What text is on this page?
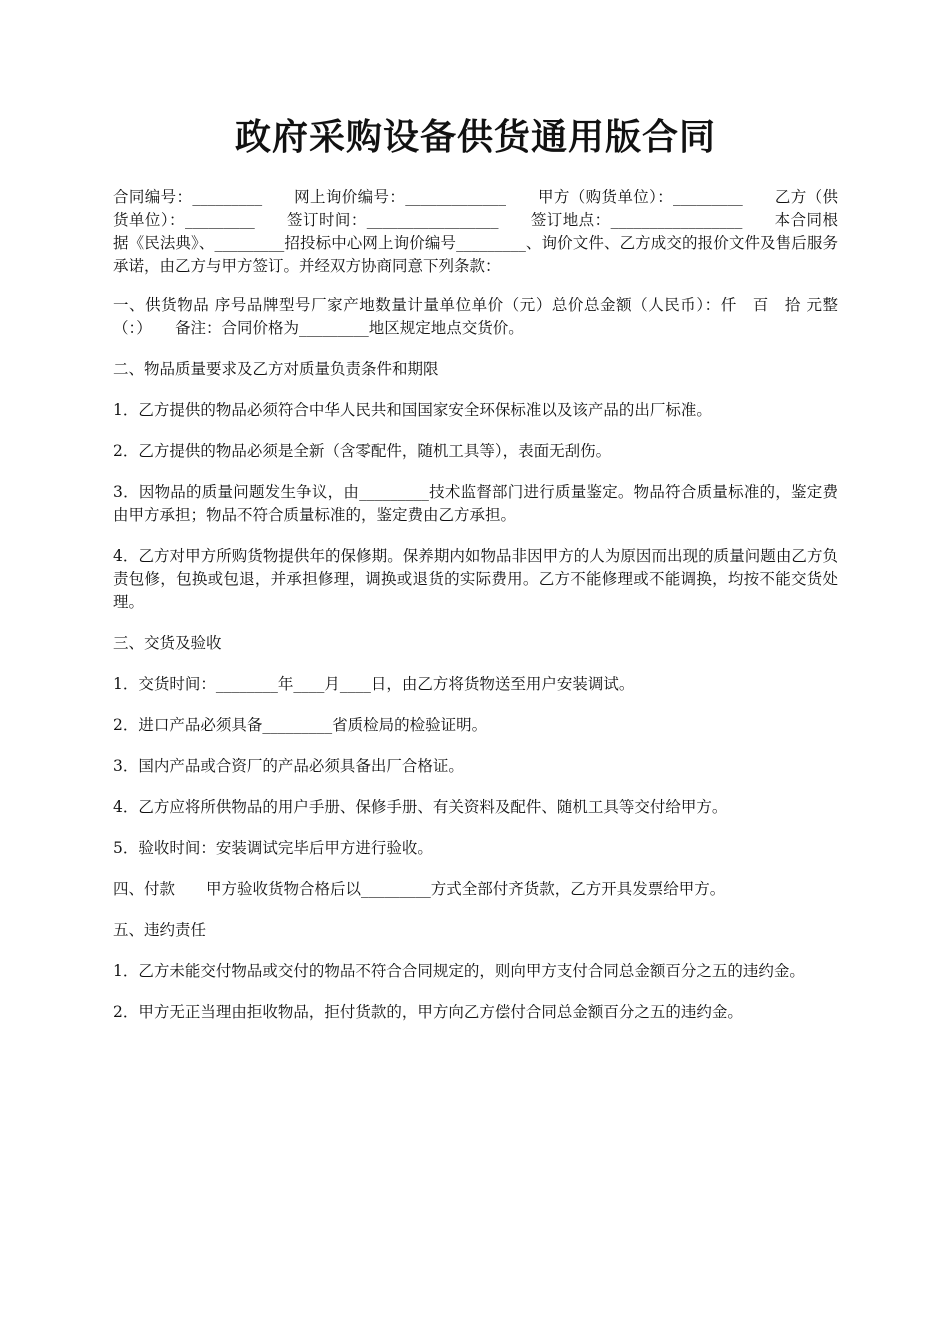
政府采购设备供货通用版合同

合同编号：_________　　网上询价编号：_____________　　甲方（购货单位）：_________　　乙方（供货单位）：_________　　签订时间：_________________　　签订地点：_________________　　本合同根据《民法典》、_________招投标中心网上询价编号_________、询价文件、乙方成交的报价文件及售后服务承诺，由乙方与甲方签订。并经双方协商同意下列条款：

一、供货物品 序号品牌型号厂家产地数量计量单位单价（元）总价总金额（人民币）：仟　百　拾 元整（：）　　备注：合同价格为_________地区规定地点交货价。

二、物品质量要求及乙方对质量负责条件和期限

1．乙方提供的物品必须符合中华人民共和国国家安全环保标准以及该产品的出厂标准。

2．乙方提供的物品必须是全新（含零配件，随机工具等），表面无刮伤。

3．因物品的质量问题发生争议，由_________技术监督部门进行质量鉴定。物品符合质量标准的，鉴定费由甲方承担；物品不符合质量标准的，鉴定费由乙方承担。

4．乙方对甲方所购货物提供年的保修期。保养期内如物品非因甲方的人为原因而出现的质量问题由乙方负责包修，包换或包退，并承担修理，调换或退货的实际费用。乙方不能修理或不能调换，均按不能交货处理。

三、交货及验收

1．交货时间：________年____月____日，由乙方将货物送至用户安装调试。

2．进口产品必须具备_________省质检局的检验证明。

3．国内产品或合资厂的产品必须具备出厂合格证。

4．乙方应将所供物品的用户手册、保修手册、有关资料及配件、随机工具等交付给甲方。

5．验收时间：安装调试完毕后甲方进行验收。

四、付款　　甲方验收货物合格后以_________方式全部付齐货款，乙方开具发票给甲方。

五、违约责任

1．乙方未能交付物品或交付的物品不符合合同规定的，则向甲方支付合同总金额百分之五的违约金。

2．甲方无正当理由拒收物品，拒付货款的，甲方向乙方偿付合同总金额百分之五的违约金。
